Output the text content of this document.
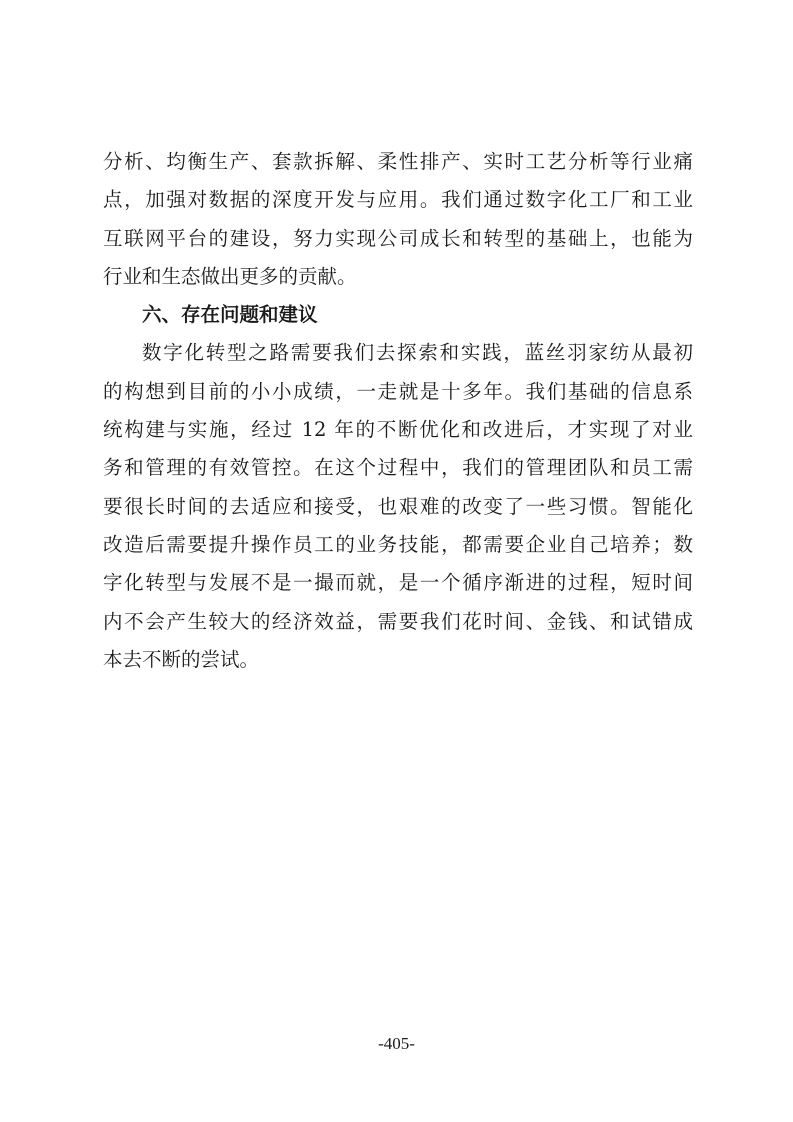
分析、均衡生产、套款拆解、柔性排产、实时工艺分析等行业痛
点，加强对数据的深度开发与应用。我们通过数字化工厂和工业
互联网平台的建设，努力实现公司成长和转型的基础上，也能为
行业和生态做出更多的贡献。
六、存在问题和建议
数字化转型之路需要我们去探索和实践，蓝丝羽家纺从最初
的构想到目前的小小成绩，一走就是十多年。我们基础的信息系
统构建与实施，经过 12 年的不断优化和改进后，才实现了对业
务和管理的有效管控。在这个过程中，我们的管理团队和员工需
要很长时间的去适应和接受，也艰难的改变了一些习惯。智能化
改造后需要提升操作员工的业务技能，都需要企业自己培养；数
字化转型与发展不是一撮而就，是一个循序渐进的过程，短时间
内不会产生较大的经济效益，需要我们花时间、金钱、和试错成
本去不断的尝试。
-405-
